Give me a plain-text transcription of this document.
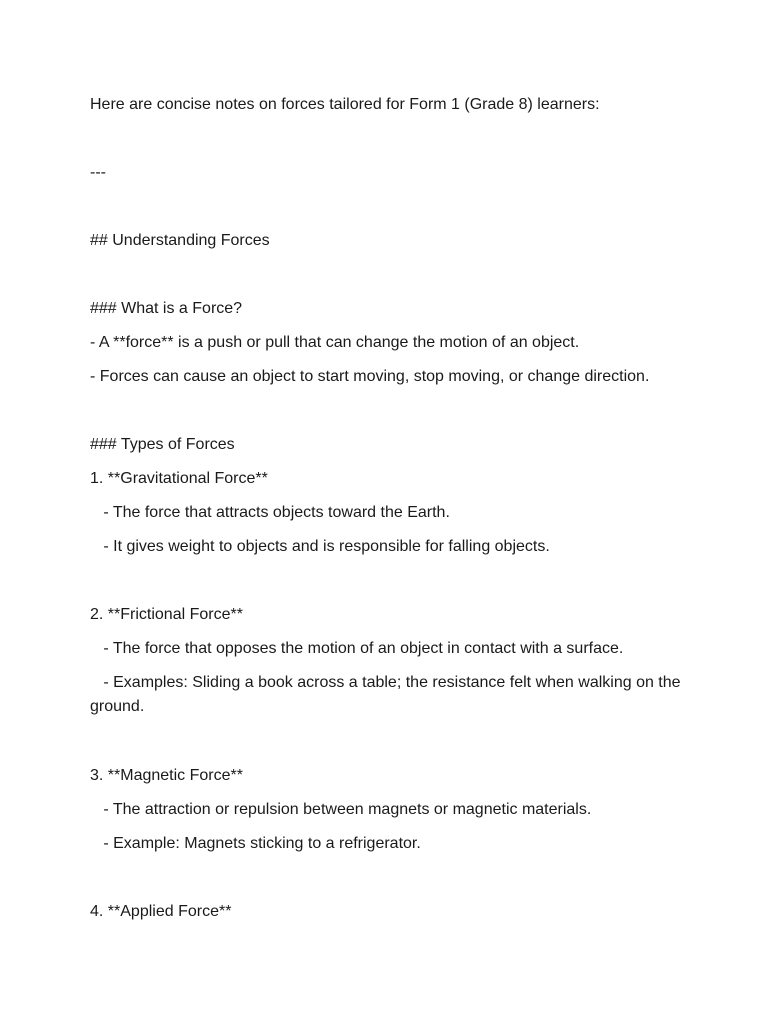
Here are concise notes on forces tailored for Form 1 (Grade 8) learners:

---

## Understanding Forces

### What is a Force?

- A **force** is a push or pull that can change the motion of an object.

- Forces can cause an object to start moving, stop moving, or change direction.

### Types of Forces

1. **Gravitational Force**

- The force that attracts objects toward the Earth.

- It gives weight to objects and is responsible for falling objects.

2. **Frictional Force**

- The force that opposes the motion of an object in contact with a surface.

- Examples: Sliding a book across a table; the resistance felt when walking on the ground.

3. **Magnetic Force**

- The attraction or repulsion between magnets or magnetic materials.

- Example: Magnets sticking to a refrigerator.

4. **Applied Force**
